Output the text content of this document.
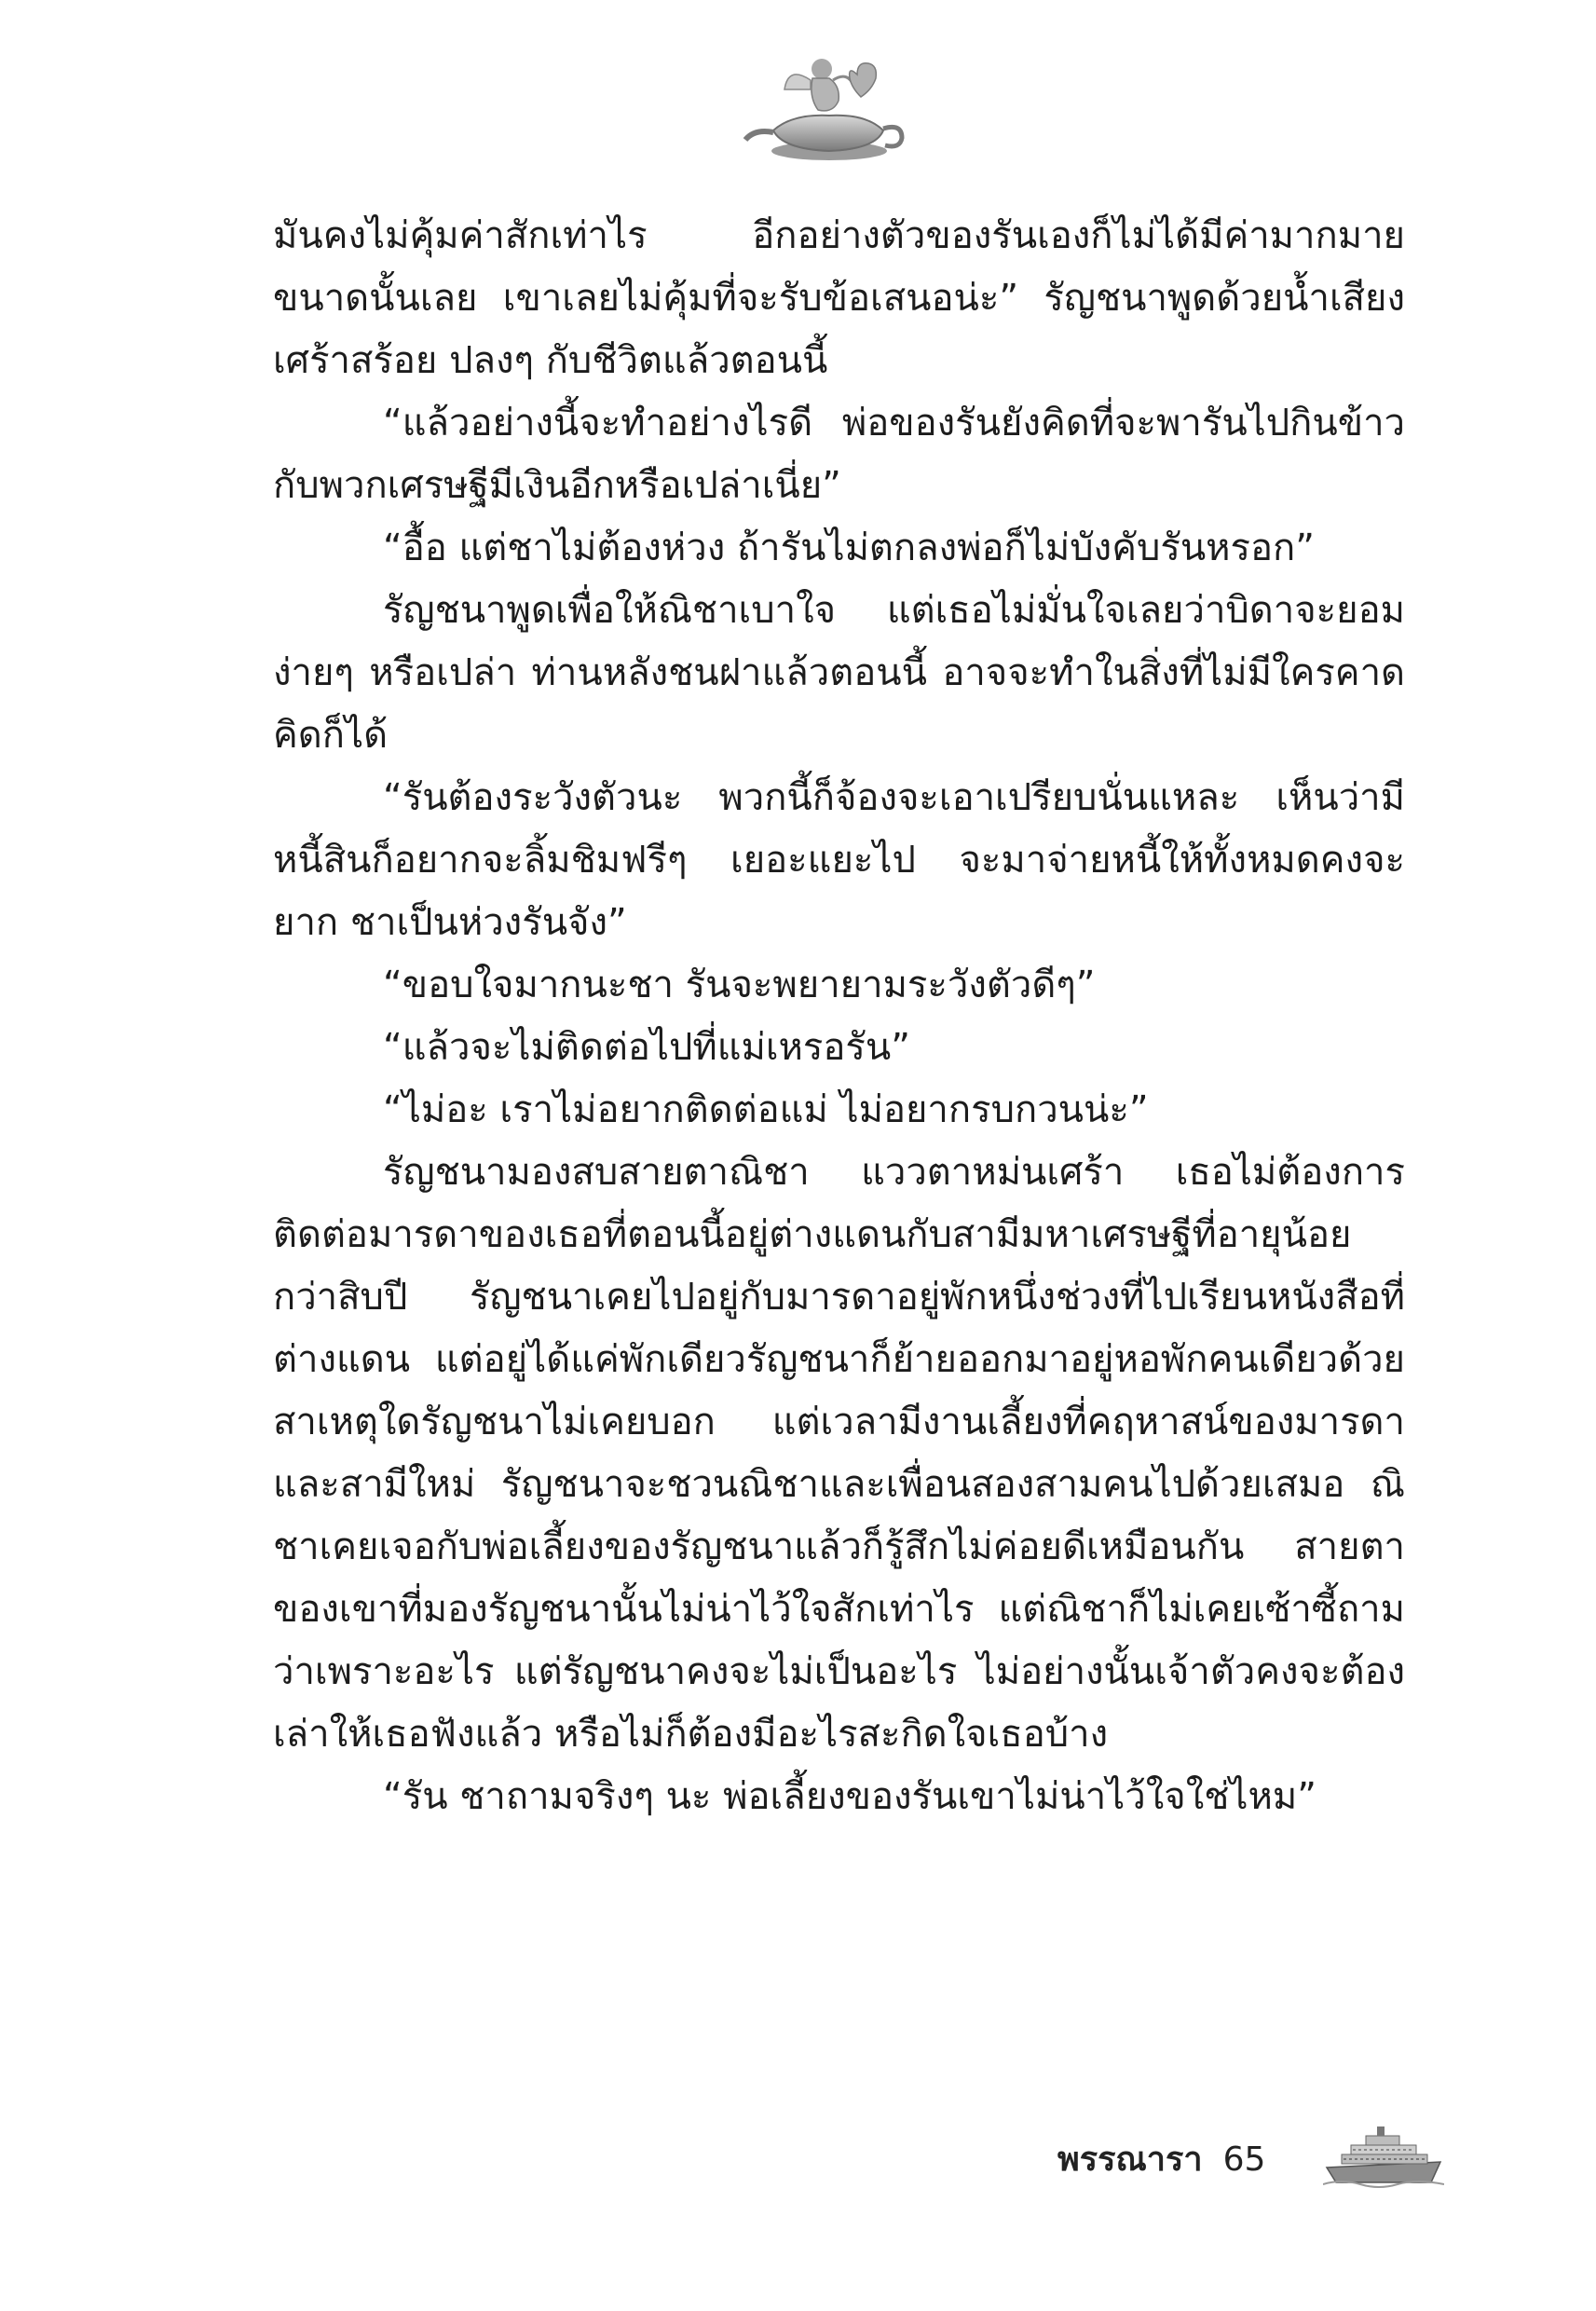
มันคงไม่คุ้มค่าสักเท่าไร อีกอย่างตัวของรันเองก็ไม่ได้มีค่ามากมายขนาดนั้นเลย เขาเลยไม่คุ้มที่จะรับข้อเสนอน่ะ” รัญชนาพูดด้วยน้ำเสียงเศร้าสร้อย ปลงๆ กับชีวิตแล้วตอนนี้

“แล้วอย่างนี้จะทำอย่างไรดี พ่อของรันยังคิดที่จะพารันไปกินข้าวกับพวกเศรษฐีมีเงินอีกหรือเปล่าเนี่ย”

“อื้อ แต่ชาไม่ต้องห่วง ถ้ารันไม่ตกลงพ่อก็ไม่บังคับรันหรอก”

รัญชนาพูดเพื่อให้ณิชาเบาใจ แต่เธอไม่มั่นใจเลยว่าบิดาจะยอมง่ายๆ หรือเปล่า ท่านหลังชนฝาแล้วตอนนี้ อาจจะทำในสิ่งที่ไม่มีใครคาดคิดก็ได้

“รันต้องระวังตัวนะ พวกนี้ก็จ้องจะเอาเปรียบนั่นแหละ เห็นว่ามีหนี้สินก็อยากจะลิ้มชิมฟรีๆ เยอะแยะไป จะมาจ่ายหนี้ให้ทั้งหมดคงจะยาก ชาเป็นห่วงรันจัง”

“ขอบใจมากนะชา รันจะพยายามระวังตัวดีๆ”

“แล้วจะไม่ติดต่อไปที่แม่เหรอรัน”

“ไม่อะ เราไม่อยากติดต่อแม่ ไม่อยากรบกวนน่ะ”

รัญชนามองสบสายตาณิชา แววตาหม่นเศร้า เธอไม่ต้องการติดต่อมารดาของเธอที่ตอนนี้อยู่ต่างแดนกับสามีมหาเศรษฐีที่อายุน้อยกว่าสิบปี รัญชนาเคยไปอยู่กับมารดาอยู่พักหนึ่งช่วงที่ไปเรียนหนังสือที่ต่างแดน แต่อยู่ได้แค่พักเดียวรัญชนาก็ย้ายออกมาอยู่หอพักคนเดียวด้วยสาเหตุใดรัญชนาไม่เคยบอก แต่เวลามีงานเลี้ยงที่คฤหาสน์ของมารดาและสามีใหม่ รัญชนาจะชวนณิชาและเพื่อนสองสามคนไปด้วยเสมอ ณิชาเคยเจอกับพ่อเลี้ยงของรัญชนาแล้วก็รู้สึกไม่ค่อยดีเหมือนกัน สายตาของเขาที่มองรัญชนานั้นไม่น่าไว้ใจสักเท่าไร แต่ณิชาก็ไม่เคยเซ้าซี้ถามว่าเพราะอะไร แต่รัญชนาคงจะไม่เป็นอะไร ไม่อย่างนั้นเจ้าตัวคงจะต้องเล่าให้เธอฟังแล้ว หรือไม่ก็ต้องมีอะไรสะกิดใจเธอบ้าง

“รัน ชาถามจริงๆ นะ พ่อเลี้ยงของรันเขาไม่น่าไว้ใจใช่ไหม”

พรรณารา 65
